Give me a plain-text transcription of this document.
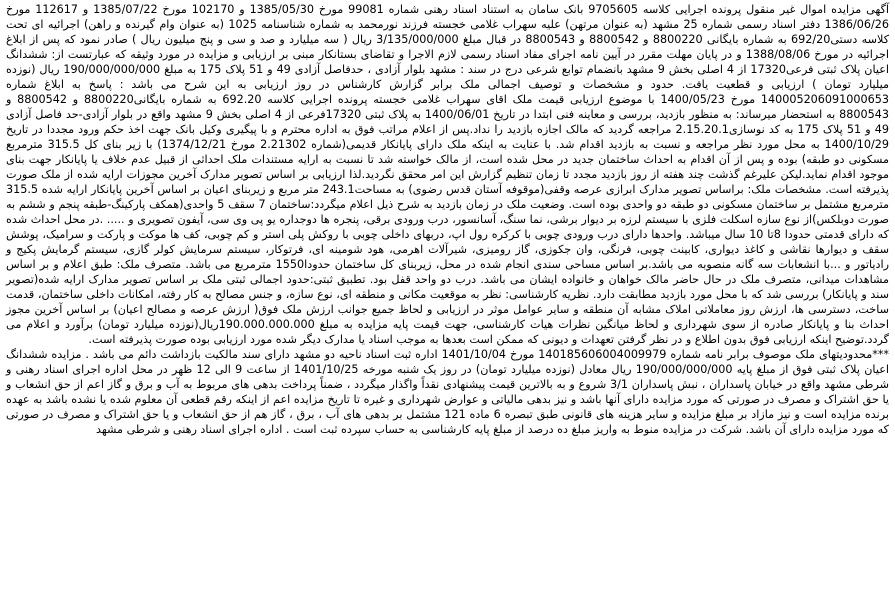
آگهی مزایده اموال غیر منقول پرونده اجرایی کلاسه 9705605 بانک سامان به استناد اسناد رهنی شماره 99081 مورخ 1385/05/30 و 102170 مورخ 1385/07/22 و 112617 مورخ 1386/06/26 دفتر اسناد رسمی شماره 25 مشهد (به عنوان مرتهن) علیه سهراب غلامی خجسته فرزند نورمحمد به شماره شناسنامه 1025 (به عنوان وام گیرنده و راهن) اجرائیه ای تحت کلاسه دستی692/20 به شماره بایگانی 8800220 و 8800542 و 8800543 در قبال مبلغ 3/135/000/000 ریال ( سه میلیارد و صد و سی و پنج میلیون ریال ) صادر نمود که پس از ابلاغ اجرائیه در مورخ 1388/08/06 و در پایان مهلت مقرر در آیین نامه اجرای مفاد اسناد رسمی لازم الاجرا و تقاضای بستانکار مبنی بر ارزیابی و مزایده در مورد وثیقه که عبارتست از: ششدانگ اعیان پلاک ثبتی فرعی17320 از 4 اصلی بخش 9 مشهد بانضمام توابع شرعی درج در سند : مشهد بلوار آزادی ، حدفاصل آزادی 49 و 51 پلاک 175 به مبلغ 190/000/000/000 ریال (نوزده میلیارد تومان ) ارزیابی و قطعیت یافت. حدود و مشخصات و توصیف اجمالی ملک برابر گزارش کارشناس در روز ارزیابی به این شرح می باشد : پاسخ به ابلاغ شماره 140005206091000653 مورخ 1400/05/23 با موضوع ارزیابی قیمت ملک اقای سهراب غلامی خجسته پرونده اجرایی کلاسه 692.20 به شماره بایگانی8800220 و 8800542 و 8800543 به استحضار میرساند: به منظور بازدید، بررسی و معاینه فنی ابتدا در تاریخ 1400/06/01 به پلاک ثبتی 17320فرعی از 4 اصلی بخش 9 مشهد واقع در بلوار آزادی-حد فاصل آزادی 49 و 51 پلاک 175 به کد نوسازی2.15.20.1 مراجعه گردید که مالک اجازه بازدید را نداد.پس از اعلام مراتب فوق به اداره محترم و با پیگیری وکیل بانک جهت اخذ حکم ورود مجددا در تاریخ 1400/10/29 به محل مورد نظر مراجعه و نسبت به بازدید اقدام شد. با عنایت به اینکه ملک دارای پایانکار قدیمی(شماره 2.21302 مورخ 1374/12/21) با زیر بنای کل 315.5 مترمربع مسکونی دو طبقه) بوده و پس از آن اقدام به احداث ساختمان جدید در محل شده است، از مالک خواسته شد تا نسبت به ارایه مستندات ملک احداثی از قبیل عدم خلاف یا پایانکار جهت بنای موجود اقدام نماید.لیکن علیرغم گذشت چند هفته از روز بازدید مجدد تا زمان تنظیم گزارش این امر محقق نگردید.لذا ارزیابی بر اساس تصویر مدارک آخرین مجوزات ارایه شده از ملک صورت پذیرفته است. مشخصات ملک: براساس تصویر مدارک ابرازی عرصه وقفی(موقوفه آستان قدس رضوی) به مساحت243.1 متر مربع و زیربنای اعیان بر اساس آخرین پایانکار ارایه شده 315.5 مترمربع مشتمل بر ساختمان مسکونی دو طبقه دو واحدی بوده است. وضعیت ملک در زمان بازدید به شرح ذیل اعلام میگردد:ساختمان 7 سقف 5 واحدی(همکف پارکینگ-طبقه پنجم و ششم به صورت دوبلکس)از نوع سازه اسکلت فلزی با سیستم لرزه بر دیوار برشی، نما سنگ، آسانسور، درب ورودی برقی، پنجره ها دوجداره یو پی وی سی، آیفون تصویری و ..... .در محل احداث شده که دارای قدمتی حدودا 8تا 10 سال میباشد. واحدها دارای درب ورودی چوبی با کرکره رول اپ، دربهای داخلی چوبی با روکش پلی استر و کم چوبی، کف ها موکت و پارکت و سرامیک، پوشش سقف و دیوارها نقاشی و کاغذ دیواری، کابینت چوبی، فرنگی، وان جکوزی، گاز رومیزی، شیرآلات اهرمی، هود شومینه ای، فرتوکار، سیستم سرمایش کولر گازی، سیستم گرمایش پکیج و رادیاتور و ...با انشعابات سه گانه منصوبه می باشد.بر اساس مساحی سندی انجام شده در محل، زیربنای کل ساختمان حدودا1550 مترمربع می باشد. متصرف ملک: طبق اعلام و بر اساس مشاهدات میدانی، متصرف ملک در حال حاضر مالک خواهان و خانواده ایشان می باشد. درب دو واحد قفل بود. تطبیق ثبتی:حدود اجمالی ثبتی ملک بر اساس تصویر مدارک ارایه شده(تصویر سند و پایانکار) بررسی شد که با محل مورد بازدید مطابقت دارد. نظریه کارشناسی: نظر به موقعیت مکانی و منطقه ای، نوع سازه، و جنس مصالح به کار رفته، امکانات داخلی ساختمان، قدمت ساخت، دسترسی ها، ارزش روز معاملاتی املاک مشابه آن منطقه و سایر عوامل موثر در ارزیابی و لحاظ جمیع جوانب ارزش ملک فوق( ارزش عرصه و مصالح اعیان) بر اساس آخرین مجوز احداث بنا و پایانکار صادره از سوی شهرداری و لحاظ میانگین نظرات هیات کارشناسی، جهت قیمت پایه مزایده به مبلغ 190.000.000.000ریال(نوزده میلیارد تومان) برآورد و اعلام می گردد.توضیح اینکه ارزیابی فوق بدون اطلاع و در نظر گرفتن تعهدات و دیونی که ممکن است بعدها به موجب اسناد یا مدارک دیگر شده مورد ارزیابی بوده صورت پذیرفته است.

***محدودیتهای ملک موصوف برابر نامه شماره 140185606004009979 مورخ 1401/10/04 اداره ثبت اسناد ناحیه دو مشهد دارای سند مالکیت بازداشت دائم می باشد . مزایده ششدانگ اعیان پلاک ثبتی فوق از مبلغ پایه 190/000/000/000 ریال معادل (نوزده میلیارد تومان) در روز یک شنبه مورخه 1401/10/25 از ساعت 9 الی 12 ظهر در محل اداره اجرای اسناد رهنی و شرطی مشهد واقع در خیابان پاسداران ، نبش پاسداران 3/1 شروع و به بالاترین قیمت پیشنهادی نقداً واگذار میگردد ، ضمناً پرداخت بدهی های مربوط به آب و برق و گاز اعم از حق انشعاب و یا حق اشتراک و مصرف در صورتی که مورد مزایده دارای آنها باشد و نیز بدهی مالیاتی و عوارض شهرداری و غیره تا تاریخ مزایده اعم از اینکه رقم قطعی آن معلوم شده یا نشده باشد به عهده برنده مزایده است و نیز مازاد بر مبلغ مزایده و سایر هزینه های قانونی طبق تبصره 6 ماده 121 مشتمل بر بدهی های آب ، برق ، گاز هم از حق انشعاب و یا حق اشتراک و مصرف در صورتی که مورد مزایده دارای آن باشد. شرکت در مزایده منوط به واریز مبلغ ده درصد از مبلغ پایه کارشناسی به حساب سپرده ثبت است . اداره اجرای اسناد رهنی و شرطی مشهد
